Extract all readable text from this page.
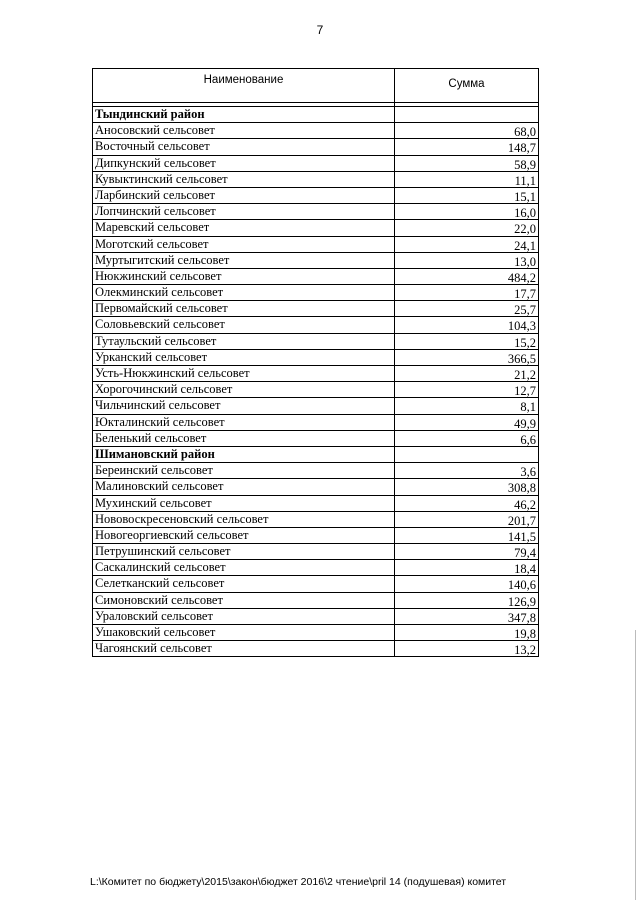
7
Наименование	Сумма
Тындинский район
Аносовский сельсовет	68,0
Восточный сельсовет	148,7
Дипкунский сельсовет	58,9
Кувыктинский сельсовет	11,1
Ларбинский сельсовет	15,1
Лопчинский сельсовет	16,0
Маревский сельсовет	22,0
Моготский сельсовет	24,1
Муртыгитский сельсовет	13,0
Нюкжинский сельсовет	484,2
Олекминский сельсовет	17,7
Первомайский сельсовет	25,7
Соловьевский сельсовет	104,3
Тутаульский сельсовет	15,2
Урканский сельсовет	366,5
Усть-Нюкжинский сельсовет	21,2
Хорогочинский сельсовет	12,7
Чильчинский сельсовет	8,1
Юкталинский сельсовет	49,9
Беленький сельсовет	6,6
Шимановский район
Береинский сельсовет	3,6
Малиновский сельсовет	308,8
Мухинский сельсовет	46,2
Нововоскресеновский сельсовет	201,7
Новогеоргиевский сельсовет	141,5
Петрушинский сельсовет	79,4
Саскалинский сельсовет	18,4
Селетканский сельсовет	140,6
Симоновский сельсовет	126,9
Ураловский сельсовет	347,8
Ушаковский сельсовет	19,8
Чагоянский сельсовет	13,2
L:\Комитет по бюджету\2015\закон\бюджет 2016\2 чтение\pril 14 (подушевая) комитет
